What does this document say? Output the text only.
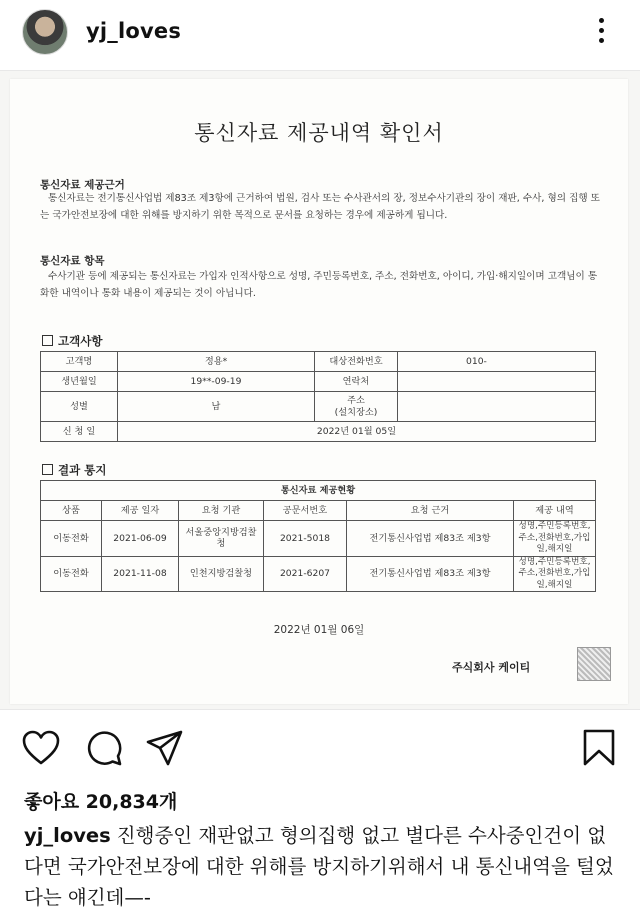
yj_loves
통신자료 제공내역 확인서
통신자료 제공근거
통신자료는 전기통신사업법 제83조 제3항에 근거하여 법원, 검사 또는 수사관서의 장, 정보수사기관의 장이 재판, 수사, 형의 집행 또는 국가안전보장에 대한 위해를 방지하기 위한 목적으로 문서를 요청하는 경우에 제공하게 됩니다.
통신자료 항목
수사기관 등에 제공되는 통신자료는 가입자 인적사항으로 성명, 주민등록번호, 주소, 전화번호, 아이디, 가입·해지일이며 고객님이 통화한 내역이나 통화 내용이 제공되는 것이 아닙니다.
고객사항
고객명	정용*	대상전화번호	010-
생년월일	19**-09-19	연락처	
성별	남	주소
(설치장소)	
신 청 일	2022년 01월 05일		
결과 통지
통신자료 제공현황					
상품	제공 일자	요청 기관	공문서번호	요청 근거	제공 내역
이동전화	2021-06-09	서울중앙지방검찰청	2021-5018	전기통신사업법 제83조 제3항	성명,주민등록번호,주소,전화번호,가입일,해지일
이동전화	2021-11-08	인천지방검찰청	2021-6207	전기통신사업법 제83조 제3항	성명,주민등록번호,주소,전화번호,가입일,해지일
2022년 01월 06일
주식회사 케이티
좋아요 20,834개
yj_loves 진행중인 재판없고 형의집행 없고 별다른 수사중인건이 없다면 국가안전보장에 대한 위해를 방지하기위해서 내 통신내역을 털었다는 얘긴데—-
